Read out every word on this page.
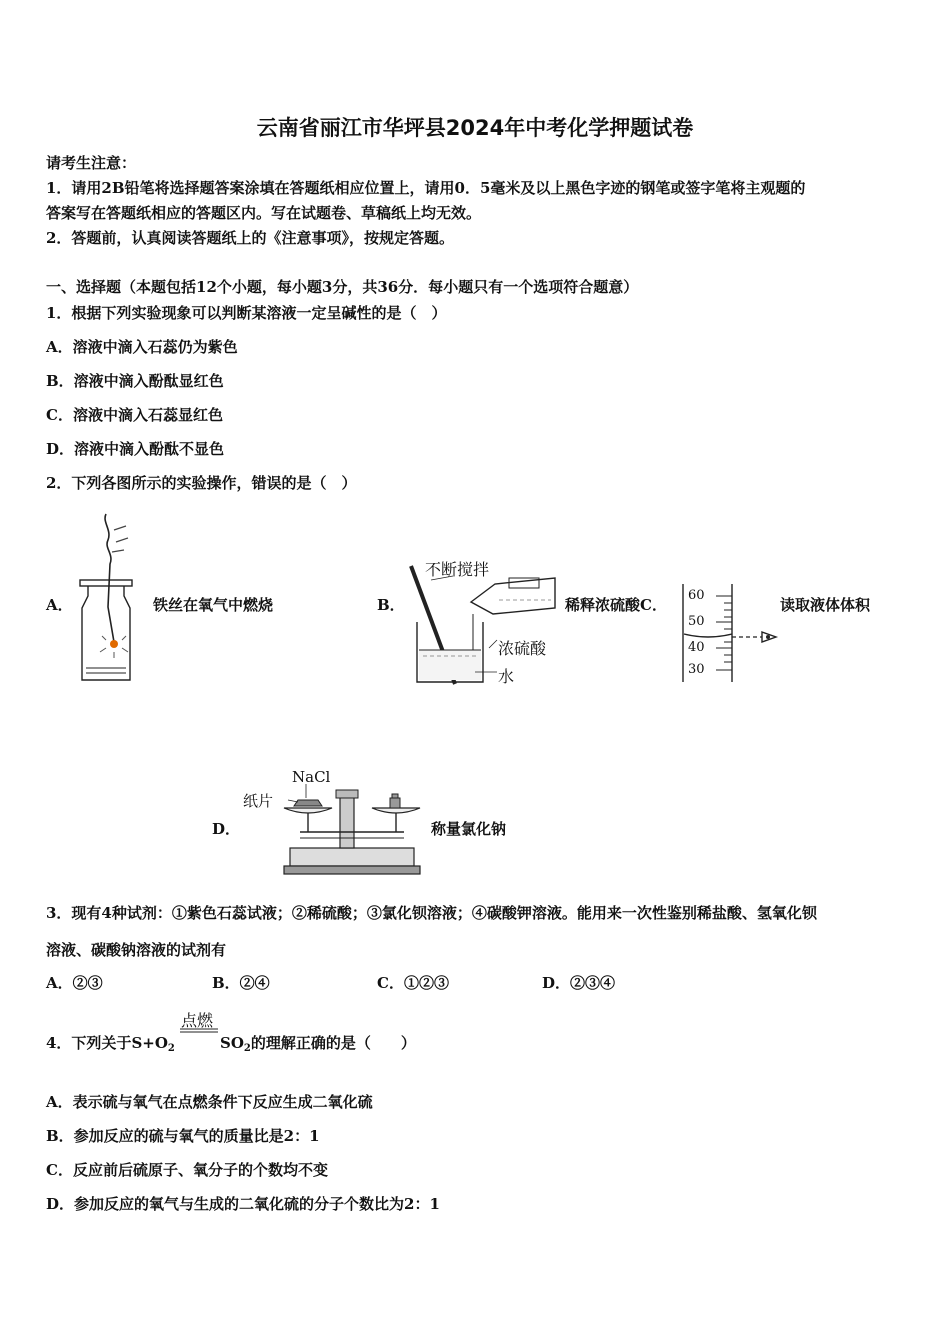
云南省丽江市华坪县2024年中考化学押题试卷
请考生注意：
1．请用2B铅笔将选择题答案涂填在答题纸相应位置上，请用0．5毫米及以上黑色字迹的钢笔或签字笔将主观题的
答案写在答题纸相应的答题区内。写在试题卷、草稿纸上均无效。
2．答题前，认真阅读答题纸上的《注意事项》，按规定答题。
一、选择题（本题包括12个小题，每小题3分，共36分．每小题只有一个选项符合题意）
1．根据下列实验现象可以判断某溶液一定呈碱性的是（　）
A．溶液中滴入石蕊仍为紫色
B．溶液中滴入酚酞显红色
C．溶液中滴入石蕊显红色
D．溶液中滴入酚酞不显色
2．下列各图所示的实验操作，错误的是（　）
A．	铁丝在氧气中燃烧	B．
不断搅拌
浓硫酸
水
稀释浓硫酸C．
60
50
40
30
读取液体体积
D．
NaCl
纸片
称量氯化钠
3．现有4种试剂：①紫色石蕊试液；②稀硫酸；③氯化钡溶液；④碳酸钾溶液。能用来一次性鉴别稀盐酸、氢氧化钡
溶液、碳酸钠溶液的试剂有
A．②③	B．②④	C．①②③	D．②③④
4．下列关于$S+O_2$
点燃
$SO_2$的理解正确的是（　　）
A．表示硫与氧气在点燃条件下反应生成二氧化硫
B．参加反应的硫与氧气的质量比是2：1
C．反应前后硫原子、氧分子的个数均不变
D．参加反应的氧气与生成的二氧化硫的分子个数比为2：1
